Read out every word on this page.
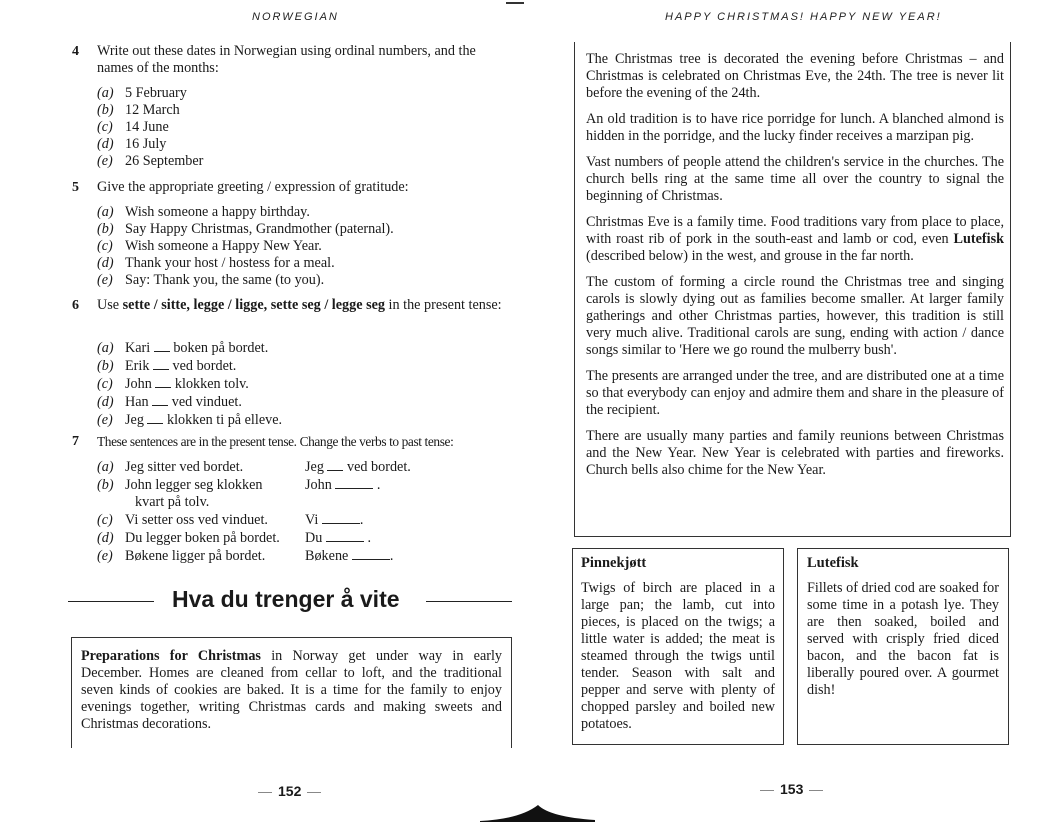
NORWEGIAN
4	Write out these dates in Norwegian using ordinal numbers, and the names of the months:
(a) 5 February
(b) 12 March
(c) 14 June
(d) 16 July
(e) 26 September
5	Give the appropriate greeting / expression of gratitude:
(a) Wish someone a happy birthday.
(b) Say Happy Christmas, Grandmother (paternal).
(c) Wish someone a Happy New Year.
(d) Thank your host / hostess for a meal.
(e) Say: Thank you, the same (to you).
6	Use sette / sitte, legge / ligge, sette seg / legge seg in the present tense:
(a) Kari boken på bordet.
(b) Erik ved bordet.
(c) John klokken tolv.
(d) Han ved vinduet.
(e) Jeg klokken ti på elleve.
7	These sentences are in the present tense. Change the verbs to past tense:
(a) Jeg sitter ved bordet.	Jeg ved bordet.
(b) John legger seg klokken	John	.
kvart på tolv.
(c) Vi setter oss ved vinduet.	Vi	.
(d) Du legger boken på bordet. Du	.
(e) Bøkene ligger på bordet.	Bøkene	.
Hva du trenger å vite
Preparations for Christmas in Norway get under way in early December. Homes are cleaned from cellar to loft, and the traditional seven kinds of cookies are baked. It is a time for the family to enjoy evenings together, writing Christmas cards and making sweets and Christmas decorations.
152
HAPPY CHRISTMAS! HAPPY NEW YEAR!

The Christmas tree is decorated the evening before Christmas – and Christmas is celebrated on Christmas Eve, the 24th. The tree is never lit before the evening of the 24th.

An old tradition is to have rice porridge for lunch. A blanched almond is hidden in the porridge, and the lucky finder receives a marzipan pig.

Vast numbers of people attend the children's service in the churches. The church bells ring at the same time all over the country to signal the beginning of Christmas.

Christmas Eve is a family time. Food traditions vary from place to place, with roast rib of pork in the south-east and lamb or cod, even Lutefisk (described below) in the west, and grouse in the far north.

The custom of forming a circle round the Christmas tree and singing carols is slowly dying out as families become smaller. At larger family gatherings and other Christmas parties, however, this tradition is still very much alive. Traditional carols are sung, ending with action / dance songs similar to 'Here we go round the mulberry bush'.

The presents are arranged under the tree, and are distributed one at a time so that everybody can enjoy and admire them and share in the pleasure of the recipient.

There are usually many parties and family reunions between Christmas and the New Year. New Year is celebrated with parties and fireworks. Church bells also chime for the New Year.

Pinnekjøtt
Twigs of birch are placed in a large pan; the lamb, cut into pieces, is placed on the twigs; a little water is added; the meat is steamed through the twigs until tender. Season with salt and pepper and serve with plenty of chopped parsley and boiled new potatoes.
Lutefisk
Fillets of dried cod are soaked for some time in a potash lye. They are then soaked, boiled and served with crisply fried diced bacon, and the bacon fat is liberally poured over. A gourmet dish!
153
